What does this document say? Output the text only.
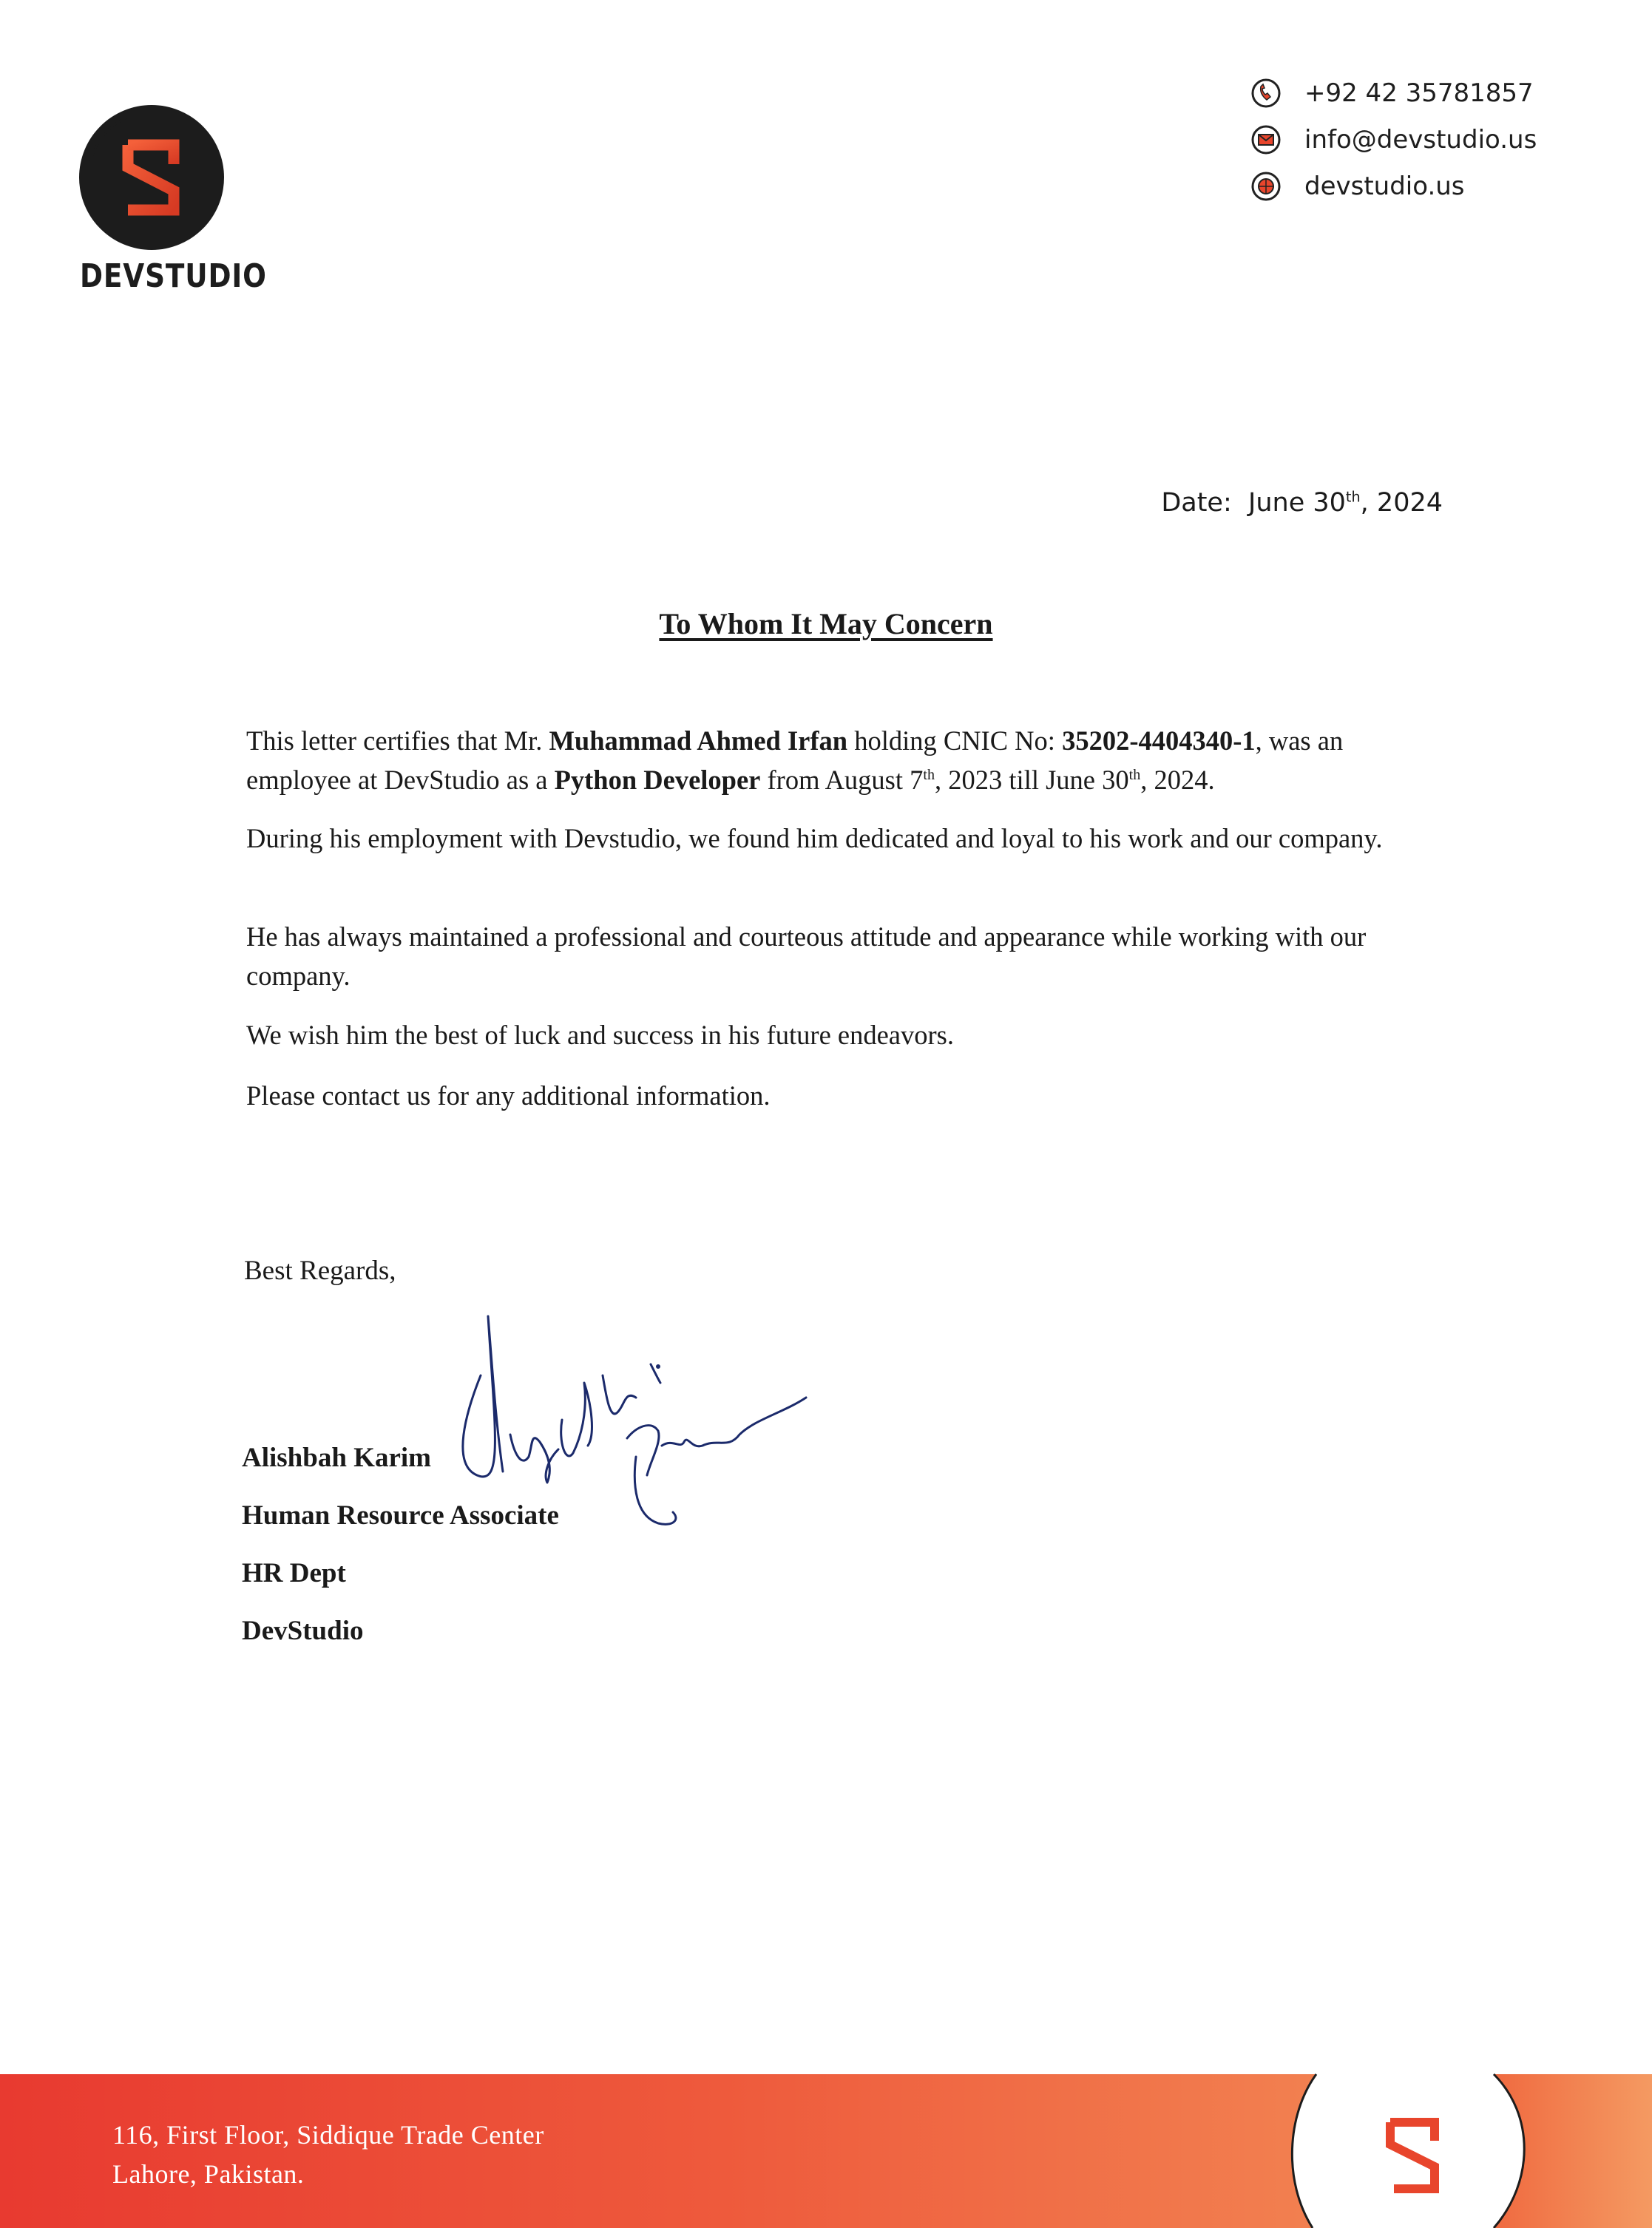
DEVSTUDIO
+92 42 35781857
info@devstudio.us
devstudio.us
Date: June 30th, 2024
To Whom It May Concern
This letter certifies that Mr. Muhammad Ahmed Irfan holding CNIC No: 35202-4404340-1, was an employee at DevStudio as a Python Developer from August 7th, 2023 till June 30th, 2024.
During his employment with Devstudio, we found him dedicated and loyal to his work and our company.
He has always maintained a professional and courteous attitude and appearance while working with our company.
We wish him the best of luck and success in his future endeavors.
Please contact us for any additional information.
Best Regards,
Alishbah Karim
Human Resource Associate
HR Dept
DevStudio
116, First Floor, Siddique Trade Center
Lahore, Pakistan.
